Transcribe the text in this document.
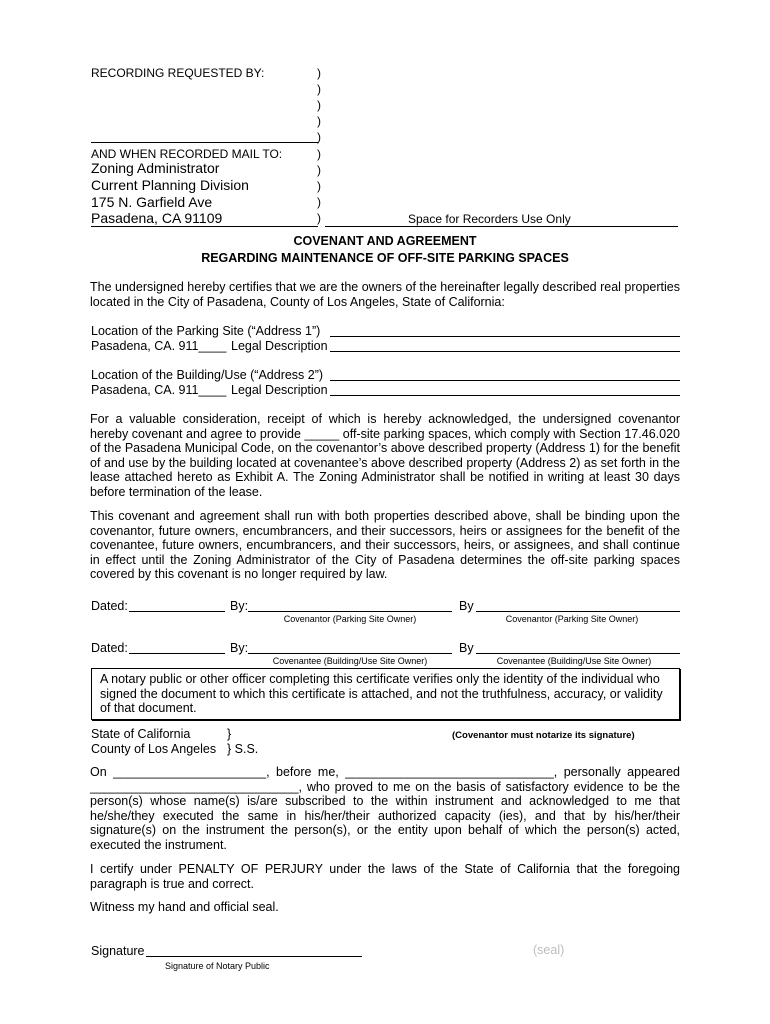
RECORDING REQUESTED BY:	)
)
)
)
)
AND WHEN RECORDED MAIL TO:	)
)
)
)
)
Zoning Administrator
Current Planning Division
175 N. Garfield Ave
Pasadena, CA 91109	Space for Recorders Use Only
COVENANT AND AGREEMENT
REGARDING MAINTENANCE OF OFF-SITE PARKING SPACES
The undersigned hereby certifies that we are the owners of the hereinafter legally described real properties located in the City of Pasadena, County of Los Angeles, State of California:
Location of the Parking Site (“Address 1”)
Pasadena, CA. 911____ Legal Description
Location of the Building/Use (“Address 2”)
Pasadena, CA. 911____ Legal Description
For a valuable consideration, receipt of which is hereby acknowledged, the undersigned covenantor hereby covenant and agree to provide _____ off-site parking spaces, which comply with Section 17.46.020 of the Pasadena Municipal Code, on the covenantor’s above described property (Address 1) for the benefit of and use by the building located at covenantee’s above described property (Address 2) as set forth in the lease attached hereto as Exhibit A. The Zoning Administrator shall be notified in writing at least 30 days before termination of the lease.
This covenant and agreement shall run with both properties described above, shall be binding upon the covenantor, future owners, encumbrancers, and their successors, heirs or assignees for the benefit of the covenantee, future owners, encumbrancers, and their successors, heirs, or assignees, and shall continue in effect until the Zoning Administrator of the City of Pasadena determines the off-site parking spaces covered by this covenant is no longer required by law.
Dated:	By:	By
Covenantor (Parking Site Owner)	Covenantor (Parking Site Owner)
Dated:	By:	By
Covenantee (Building/Use Site Owner)	Covenantee (Building/Use Site Owner)

A notary public or other officer completing this certificate verifies only the identity of the individual who signed the document to which this certificate is attached, and not the truthfulness, accuracy, or validity of that document.

State of California	}
County of Los Angeles } S.S.
(Covenantor must notarize its signature)
On ______________________, before me, ______________________________, personally appeared ______________________________, who proved to me on the basis of satisfactory evidence to be the person(s) whose name(s) is/are subscribed to the within instrument and acknowledged to me that he/she/they executed the same in his/her/their authorized capacity (ies), and that by his/her/their signature(s) on the instrument the person(s), or the entity upon behalf of which the person(s) acted, executed the instrument.
I certify under PENALTY OF PERJURY under the laws of the State of California that the foregoing paragraph is true and correct.
Witness my hand and official seal.
Signature
Signature of Notary Public
(seal)
